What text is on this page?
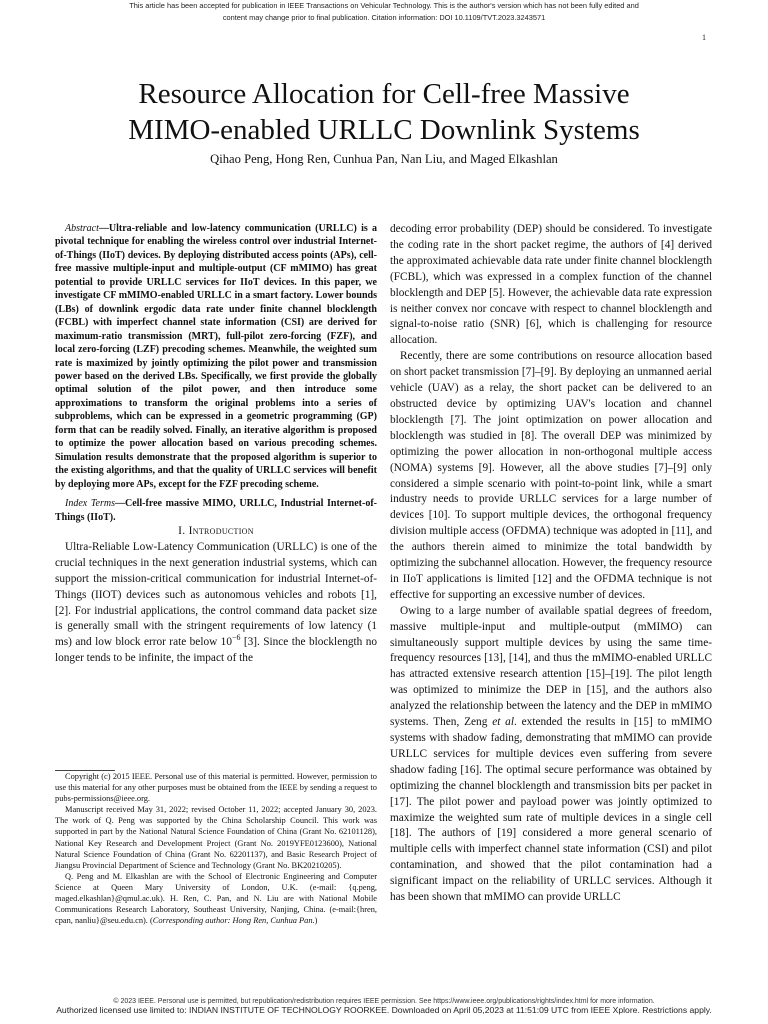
This article has been accepted for publication in IEEE Transactions on Vehicular Technology. This is the author's version which has not been fully edited and
content may change prior to final publication. Citation information: DOI 10.1109/TVT.2023.3243571
1
Resource Allocation for Cell-free Massive
MIMO-enabled URLLC Downlink Systems
Qihao Peng, Hong Ren, Cunhua Pan, Nan Liu, and Maged Elkashlan

Abstract—Ultra-reliable and low-latency communication (URLLC) is a pivotal technique for enabling the wireless control over industrial Internet-of-Things (IIoT) devices. By deploying distributed access points (APs), cell-free massive multiple-input and multiple-output (CF mMIMO) has great potential to provide URLLC services for IIoT devices. In this paper, we investigate CF mMIMO-enabled URLLC in a smart factory. Lower bounds (LBs) of downlink ergodic data rate under finite channel blocklength (FCBL) with imperfect channel state information (CSI) are derived for maximum-ratio transmission (MRT), full-pilot zero-forcing (FZF), and local zero-forcing (LZF) precoding schemes. Meanwhile, the weighted sum rate is maximized by jointly optimizing the pilot power and transmission power based on the derived LBs. Specifically, we first provide the globally optimal solution of the pilot power, and then introduce some approximations to transform the original problems into a series of subproblems, which can be expressed in a geometric programming (GP) form that can be readily solved. Finally, an iterative algorithm is proposed to optimize the power allocation based on various precoding schemes. Simulation results demonstrate that the proposed algorithm is superior to the existing algorithms, and that the quality of URLLC services will benefit by deploying more APs, except for the FZF precoding scheme.

Index Terms—Cell-free massive MIMO, URLLC, Industrial Internet-of-Things (IIoT).

I. Introduction

Ultra-Reliable Low-Latency Communication (URLLC) is one of the crucial techniques in the next generation industrial systems, which can support the mission-critical communication for industrial Internet-of-Things (IIOT) devices such as autonomous vehicles and robots [1], [2]. For industrial applications, the control command data packet size is generally small with the stringent requirements of low latency (1 ms) and low block error rate below $10^{-6}$ [3]. Since the blocklength no longer tends to be infinite, the impact of the

Copyright (c) 2015 IEEE. Personal use of this material is permitted. However, permission to use this material for any other purposes must be obtained from the IEEE by sending a request to pubs-permissions@ieee.org.

Manuscript received May 31, 2022; revised October 11, 2022; accepted January 30, 2023. The work of Q. Peng was supported by the China Scholarship Council. This work was supported in part by the National Natural Science Foundation of China (Grant No. 62101128), National Key Research and Development Project (Grant No. 2019YFE0123600), National Natural Science Foundation of China (Grant No. 62201137), and Basic Research Project of Jiangsu Provincial Department of Science and Technology (Grant No. BK20210205).

Q. Peng and M. Elkashlan are with the School of Electronic Engineering and Computer Science at Queen Mary University of London, U.K. (e-mail: {q.peng, maged.elkashlan}@qmul.ac.uk). H. Ren, C. Pan, and N. Liu are with National Mobile Communications Research Laboratory, Southeast University, Nanjing, China. (e-mail:{hren, cpan, nanliu}@seu.edu.cn). (Corresponding author: Hong Ren, Cunhua Pan.)

decoding error probability (DEP) should be considered. To investigate the coding rate in the short packet regime, the authors of [4] derived the approximated achievable data rate under finite channel blocklength (FCBL), which was expressed in a complex function of the channel blocklength and DEP [5]. However, the achievable data rate expression is neither convex nor concave with respect to channel blocklength and signal-to-noise ratio (SNR) [6], which is challenging for resource allocation.

Recently, there are some contributions on resource allocation based on short packet transmission [7]–[9]. By deploying an unmanned aerial vehicle (UAV) as a relay, the short packet can be delivered to an obstructed device by optimizing UAV's location and channel blocklength [7]. The joint optimization on power allocation and blocklength was studied in [8]. The overall DEP was minimized by optimizing the power allocation in non-orthogonal multiple access (NOMA) systems [9]. However, all the above studies [7]–[9] only considered a simple scenario with point-to-point link, while a smart industry needs to provide URLLC services for a large number of devices [10]. To support multiple devices, the orthogonal frequency division multiple access (OFDMA) technique was adopted in [11], and the authors therein aimed to minimize the total bandwidth by optimizing the subchannel allocation. However, the frequency resource in IIoT applications is limited [12] and the OFDMA technique is not effective for supporting an excessive number of devices.

Owing to a large number of available spatial degrees of freedom, massive multiple-input and multiple-output (mMIMO) can simultaneously support multiple devices by using the same time-frequency resources [13], [14], and thus the mMIMO-enabled URLLC has attracted extensive research attention [15]–[19]. The pilot length was optimized to minimize the DEP in [15], and the authors also analyzed the relationship between the latency and the DEP in mMIMO systems. Then, Zeng et al. extended the results in [15] to mMIMO systems with shadow fading, demonstrating that mMIMO can provide URLLC services for multiple devices even suffering from severe shadow fading [16]. The optimal secure performance was obtained by optimizing the channel blocklength and transmission bits per packet in [17]. The pilot power and payload power was jointly optimized to maximize the weighted sum rate of multiple devices in a single cell [18]. The authors of [19] considered a more general scenario of multiple cells with imperfect channel state information (CSI) and pilot contamination, and showed that the pilot contamination had a significant impact on the reliability of URLLC services. Although it has been shown that mMIMO can provide URLLC

© 2023 IEEE. Personal use is permitted, but republication/redistribution requires IEEE permission. See https://www.ieee.org/publications/rights/index.html for more information.
Authorized licensed use limited to: INDIAN INSTITUTE OF TECHNOLOGY ROORKEE. Downloaded on April 05,2023 at 11:51:09 UTC from IEEE Xplore. Restrictions apply.
